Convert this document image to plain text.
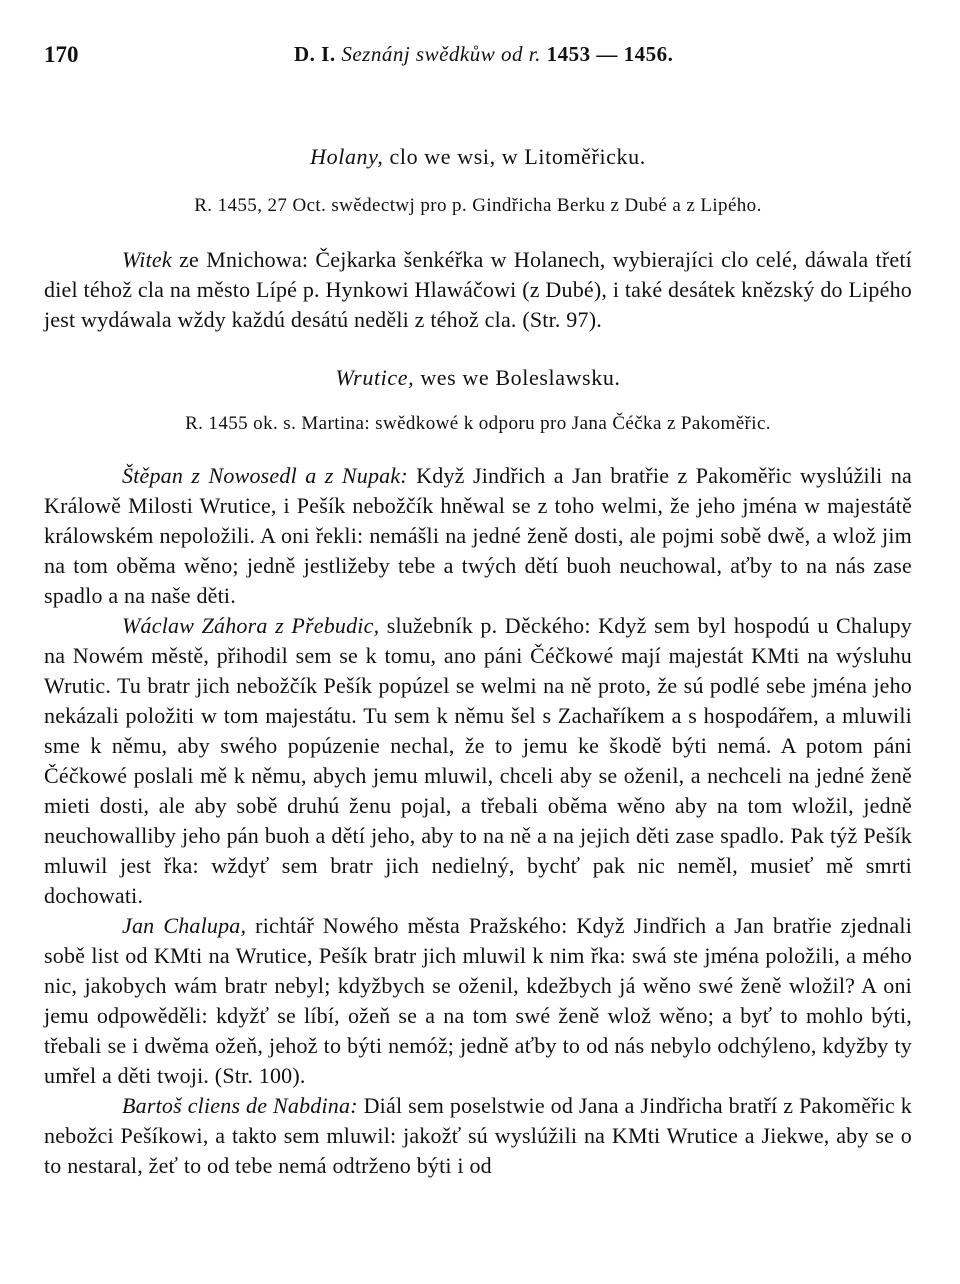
170	D. I. Seznánj swědkůw od r. 1453 — 1456.
Holany, clo we wsi, w Litoměřicku.
R. 1455, 27 Oct. swědectwj pro p. Gindřicha Berku z Dubé a z Lipého.

Witek ze Mnichowa: Čejkarka šenkéřka w Holanech, wybierajíci clo celé, dáwala třetí diel téhož cla na město Lípé p. Hynkowi Hlawáčowi (z Dubé), i také desátek knězský do Lipého jest wydáwala wždy každú desátú neděli z téhož cla. (Str. 97).

Wrutice, wes we Boleslawsku.
R. 1455 ok. s. Martina: swědkowé k odporu pro Jana Čéčka z Pakoměřic.

Štěpan z Nowosedl a z Nupak: Když Jindřich a Jan bratřie z Pakoměřic wyslúžili na Králowě Milosti Wrutice, i Pešík nebožčík hněwal se z toho welmi, že jeho jména w majestátě králowském nepoložili. A oni řekli: nemášli na jedné ženě dosti, ale pojmi sobě dwě, a wlož jim na tom oběma wěno; jedně jestližeby tebe a twých dětí buoh neuchowal, aťby to na nás zase spadlo a na naše děti.

Wáclaw Záhora z Přebudic, služebník p. Děckého: Když sem byl hospodú u Chalupy na Nowém městě, přihodil sem se k tomu, ano páni Čéčkowé mají majestát KMti na wýsluhu Wrutic. Tu bratr jich nebožčík Pešík popúzel se welmi na ně proto, že sú podlé sebe jména jeho nekázali položiti w tom majestátu. Tu sem k němu šel s Zachaříkem a s hospodářem, a mluwili sme k němu, aby swého popúzenie nechal, že to jemu ke škodě býti nemá. A potom páni Čéčkowé poslali mě k němu, abych jemu mluwil, chceli aby se oženil, a nechceli na jedné ženě mieti dosti, ale aby sobě druhú ženu pojal, a třebali oběma wěno aby na tom wložil, jedně neuchowalliby jeho pán buoh a dětí jeho, aby to na ně a na jejich děti zase spadlo. Pak týž Pešík mluwil jest řka: wždyť sem bratr jich nedielný, bychť pak nic neměl, musieť mě smrti dochowati.

Jan Chalupa, richtář Nowého města Pražského: Když Jindřich a Jan bratřie zjednali sobě list od KMti na Wrutice, Pešík bratr jich mluwil k nim řka: swá ste jména položili, a mého nic, jakobych wám bratr nebyl; kdyžbych se oženil, kdežbych já wěno swé ženě wložil? A oni jemu odpowěděli: kdyžť se líbí, ožeň se a na tom swé ženě wlož wěno; a byť to mohlo býti, třebali se i dwěma ožeň, jehož to býti nemóž; jedně aťby to od nás nebylo odchýleno, kdyžby ty umřel a děti twoji. (Str. 100).

Bartoš cliens de Nabdina: Diál sem poselstwie od Jana a Jindřicha bratří z Pakoměřic k nebožci Pešíkowi, a takto sem mluwil: jakožť sú wyslúžili na KMti Wrutice a Jiekwe, aby se o to nestaral, žeť to od tebe nemá odtrženo býti i od
